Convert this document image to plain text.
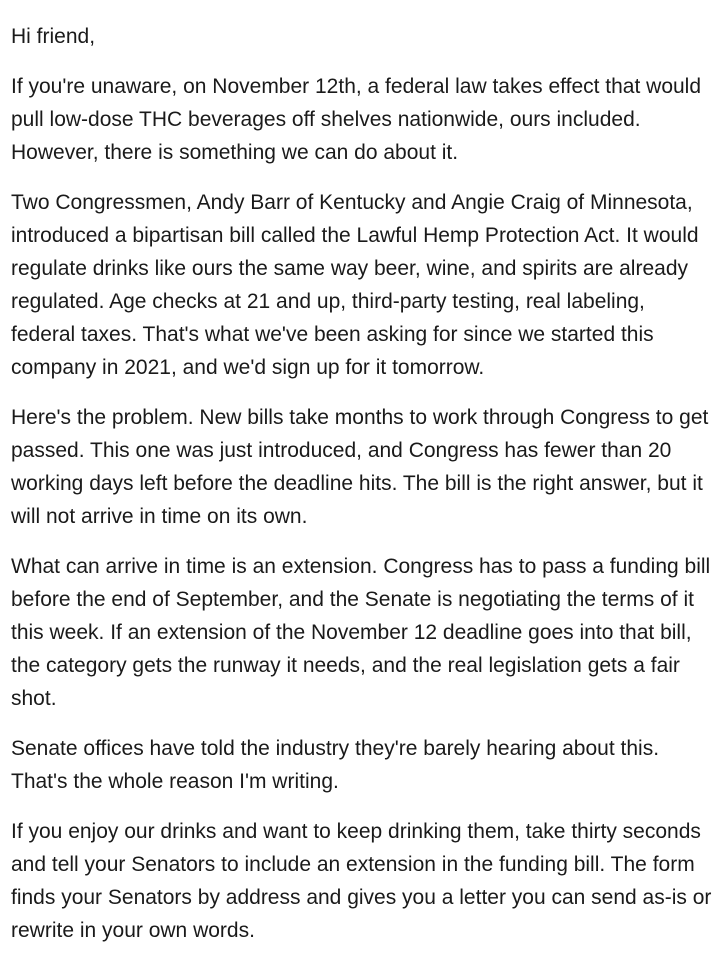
Hi friend,

If you're unaware, on November 12th, a federal law takes effect that would pull low-dose THC beverages off shelves nationwide, ours included. However, there is something we can do about it.

Two Congressmen, Andy Barr of Kentucky and Angie Craig of Minnesota, introduced a bipartisan bill called the Lawful Hemp Protection Act. It would regulate drinks like ours the same way beer, wine, and spirits are already regulated. Age checks at 21 and up, third-party testing, real labeling, federal taxes. That's what we've been asking for since we started this company in 2021, and we'd sign up for it tomorrow.

Here's the problem. New bills take months to work through Congress to get passed. This one was just introduced, and Congress has fewer than 20 working days left before the deadline hits. The bill is the right answer, but it will not arrive in time on its own.

What can arrive in time is an extension. Congress has to pass a funding bill before the end of September, and the Senate is negotiating the terms of it this week. If an extension of the November 12 deadline goes into that bill, the category gets the runway it needs, and the real legislation gets a fair shot.

Senate offices have told the industry they're barely hearing about this. That's the whole reason I'm writing.

If you enjoy our drinks and want to keep drinking them, take thirty seconds and tell your Senators to include an extension in the funding bill. The form finds your Senators by address and gives you a letter you can send as-is or rewrite in your own words.
